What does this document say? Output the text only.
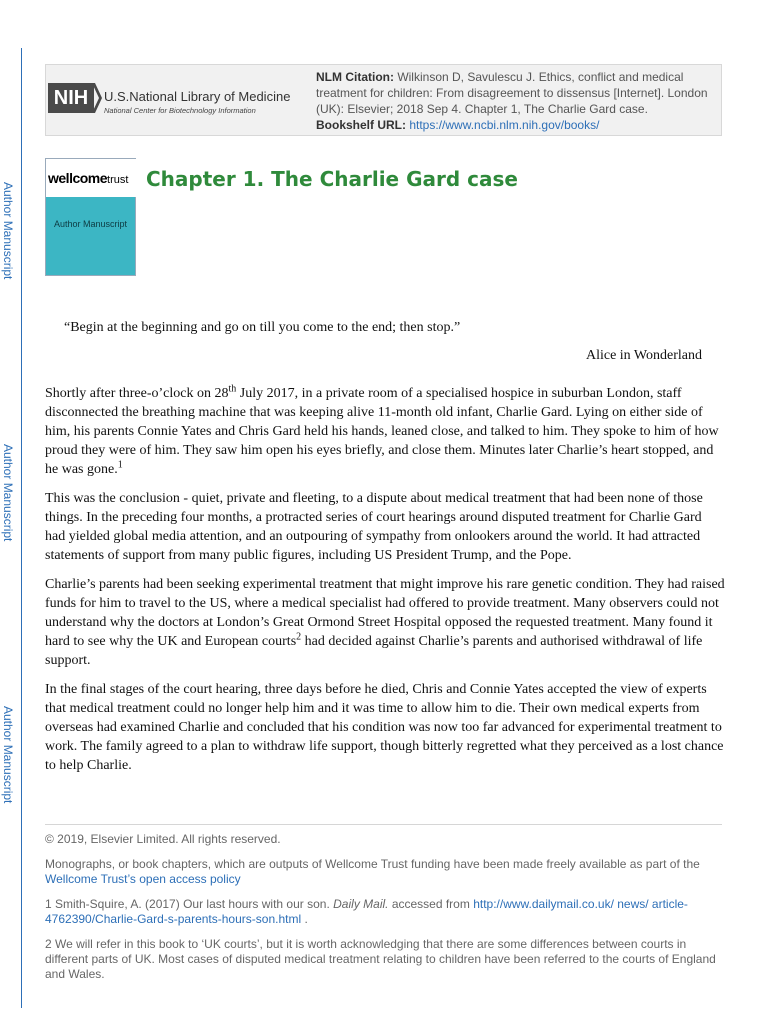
Author Manuscript
Author Manuscript
Author Manuscript
NIH	U.S.National Library of Medicine
National Center for Biotechnology Information
NLM Citation: Wilkinson D, Savulescu J. Ethics, conflict and medical treatment for children: From disagreement to dissensus [Internet]. London (UK): Elsevier; 2018 Sep 4. Chapter 1, The Charlie Gard case.
Bookshelf URL: https://www.ncbi.nlm.nih.gov/books/
wellcometrust
Author Manuscript
Chapter 1. The Charlie Gard case
“Begin at the beginning and go on till you come to the end; then stop.”
Alice in Wonderland

Shortly after three-o’clock on 28th July 2017, in a private room of a specialised hospice in suburban London, staff disconnected the breathing machine that was keeping alive 11-month old infant, Charlie Gard. Lying on either side of him, his parents Connie Yates and Chris Gard held his hands, leaned close, and talked to him. They spoke to him of how proud they were of him. They saw him open his eyes briefly, and close them. Minutes later Charlie’s heart stopped, and he was gone.$^1$

This was the conclusion - quiet, private and fleeting, to a dispute about medical treatment that had been none of those things. In the preceding four months, a protracted series of court hearings around disputed treatment for Charlie Gard had yielded global media attention, and an outpouring of sympathy from onlookers around the world. It had attracted statements of support from many public figures, including US President Trump, and the Pope.

Charlie’s parents had been seeking experimental treatment that might improve his rare genetic condition. They had raised funds for him to travel to the US, where a medical specialist had offered to provide treatment. Many observers could not understand why the doctors at London’s Great Ormond Street Hospital opposed the requested treatment. Many found it hard to see why the UK and European courts$^2$ had decided against Charlie’s parents and authorised withdrawal of life support.

In the final stages of the court hearing, three days before he died, Chris and Connie Yates accepted the view of experts that medical treatment could no longer help him and it was time to allow him to die. Their own medical experts from overseas had examined Charlie and concluded that his condition was now too far advanced for experimental treatment to work. The family agreed to a plan to withdraw life support, though bitterly regretted what they perceived as a lost chance to help Charlie.

© 2019, Elsevier Limited. All rights reserved.

Monographs, or book chapters, which are outputs of Wellcome Trust funding have been made freely available as part of the Wellcome Trust’s open access policy

1 Smith-Squire, A. (2017) Our last hours with our son. Daily Mail. accessed from http://www.dailymail.co.uk/ news/ article-4762390/Charlie-Gard-s-parents-hours-son.html .

2 We will refer in this book to ‘UK courts’, but it is worth acknowledging that there are some differences between courts in different parts of UK. Most cases of disputed medical treatment relating to children have been referred to the courts of England and Wales.
